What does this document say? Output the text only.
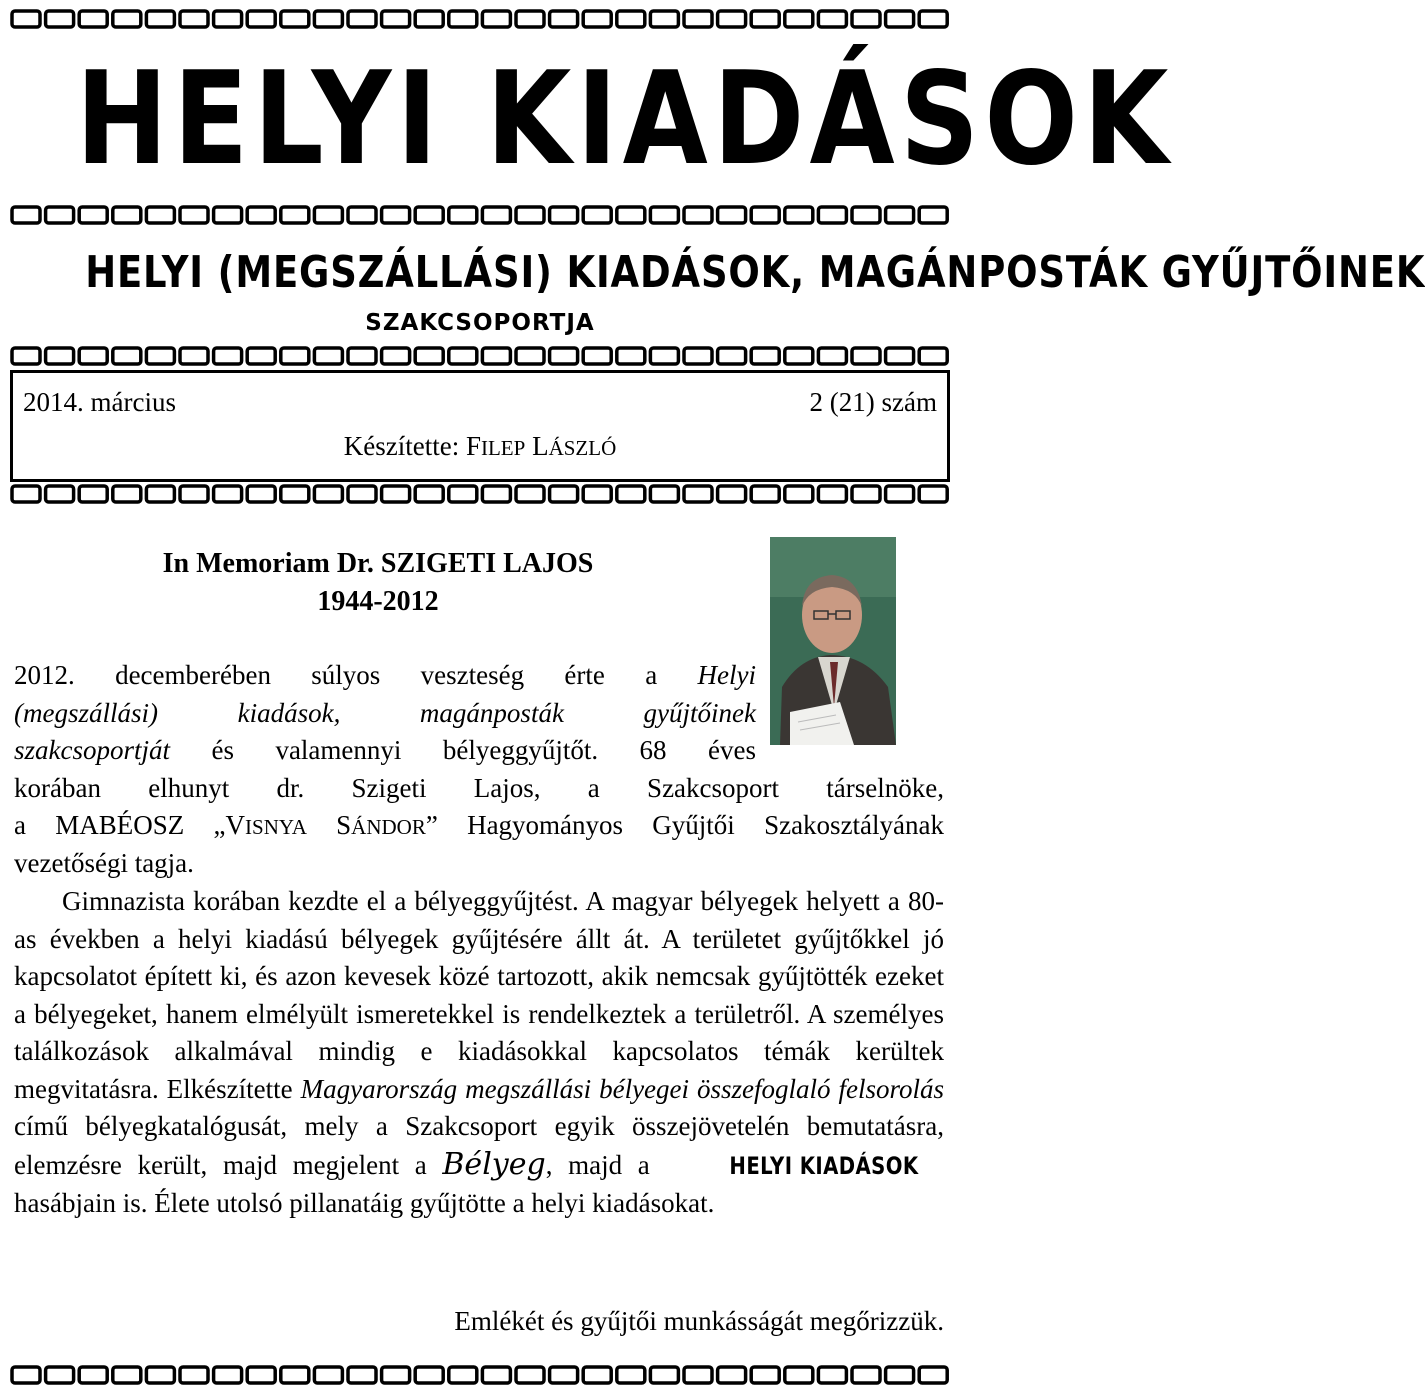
HELYI KIADÁSOK
HELYI (MEGSZÁLLÁSI) KIADÁSOK, MAGÁNPOSTÁK GYŰJTŐINEK
SZAKCSOPORTJA
2014. március	2 (21) szám
Készítette: FILEP LÁSZLÓ
In Memoriam Dr. SZIGETI LAJOS
1944-2012
2012. decemberében súlyos veszteség érte a Helyi
(megszállási) kiadások, magánposták gyűjtőinek
szakcsoportját és valamennyi bélyeggyűjtőt. 68 éves
korában elhunyt dr. Szigeti Lajos, a Szakcsoport társelnöke,
a MABÉOSZ „VISNYA SÁNDOR” Hagyományos Gyűjtői Szakosztályának
vezetőségi tagja.

Gimnazista korában kezdte el a bélyeggyűjtést. A magyar bélyegek helyett a 80-as években a helyi kiadású bélyegek gyűjtésére állt át. A területet gyűjtőkkel jó kapcsolatot épített ki, és azon kevesek közé tartozott, akik nemcsak gyűjtötték ezeket a bélyegeket, hanem elmélyült ismeretekkel is rendelkeztek a területről. A személyes találkozások alkalmával mindig e kiadásokkal kapcsolatos témák kerültek megvitatásra. Elkészítette Magyarország megszállási bélyegei összefoglaló felsorolás című bélyegkatalógusát, mely a Szakcsoport egyik összejövetelén bemutatásra, elemzésre került, majd megjelent a Bélyeg, majd a	HELYI KIADÁSOK hasábjain is. Élete utolsó pillanatáig gyűjtötte a helyi kiadásokat.

Emlékét és gyűjtői munkásságát megőrizzük.
